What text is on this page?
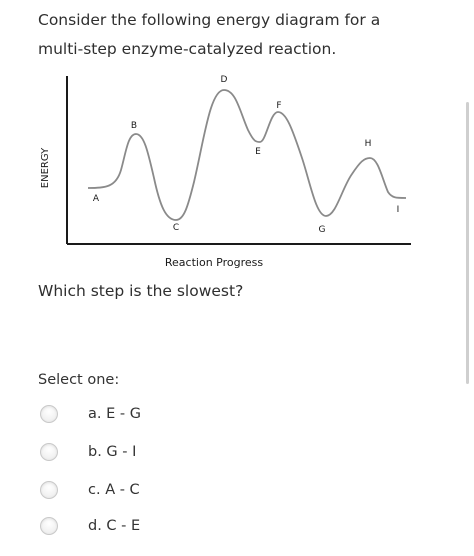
Consider the following energy diagram for a
multi-step enzyme-catalyzed reaction.
ENERGY
Reaction Progress
A
B
C
D
E
F
G
H
I
Which step is the slowest?
Select one:
a. E - G
b. G - I
c. A - C
d. C - E
